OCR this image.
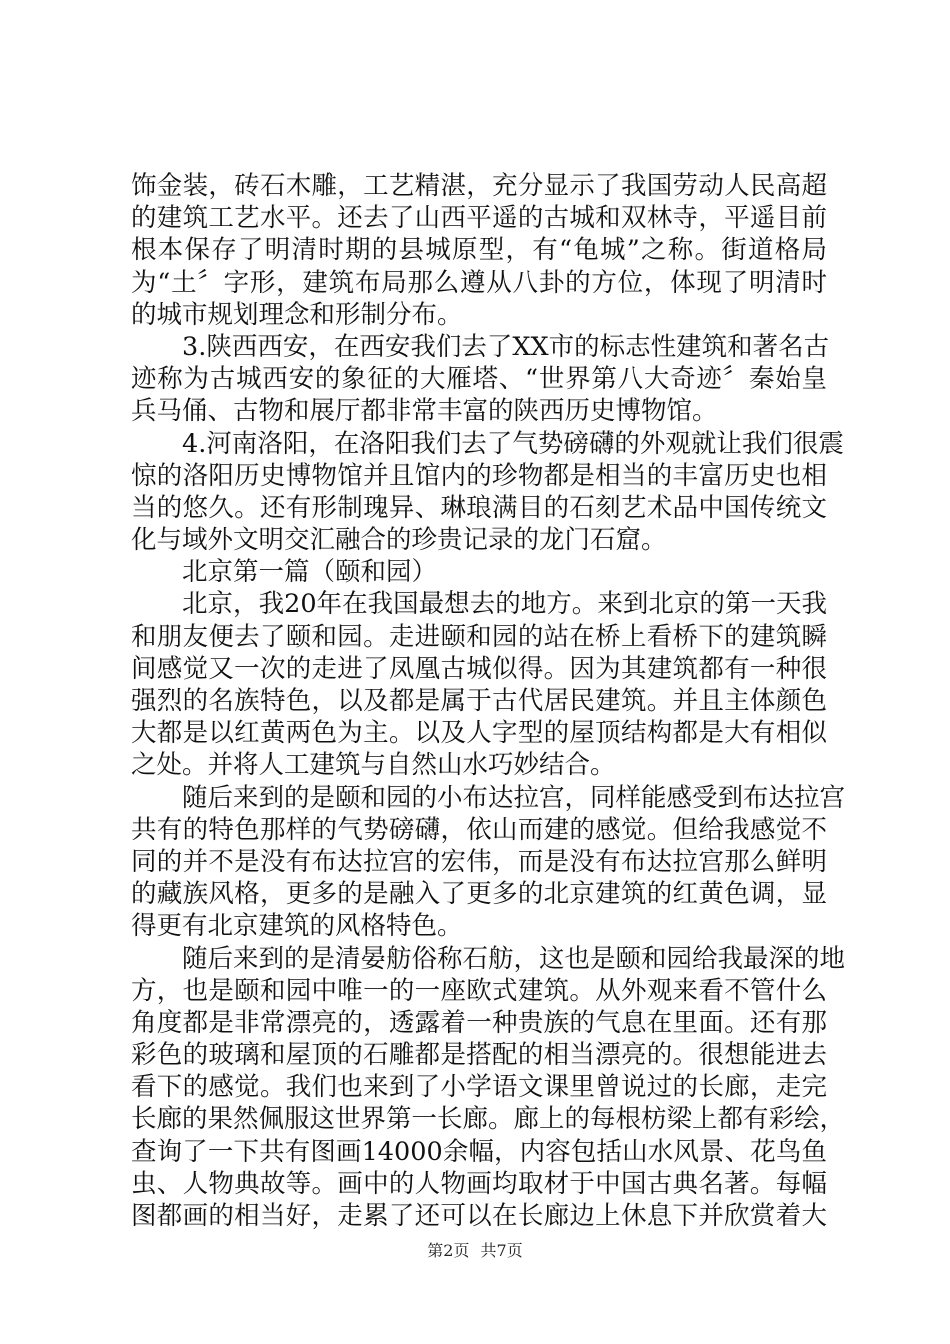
饰金装，砖石木雕，工艺精湛，充分显示了我国劳动人民高超
的建筑工艺水平。还去了山西平遥的古城和双林寺，平遥目前
根本保存了明清时期的县城原型，有“龟城”之称。街道格局
为“土〞字形，建筑布局那么遵从八卦的方位，体现了明清时
的城市规划理念和形制分布。
3.陕西西安，在西安我们去了XX市的标志性建筑和著名古
迹称为古城西安的象征的大雁塔、“世界第八大奇迹〞秦始皇
兵马俑、古物和展厅都非常丰富的陕西历史博物馆。
4.河南洛阳，在洛阳我们去了气势磅礴的外观就让我们很震
惊的洛阳历史博物馆并且馆内的珍物都是相当的丰富历史也相
当的悠久。还有形制瑰异、琳琅满目的石刻艺术品中国传统文
化与域外文明交汇融合的珍贵记录的龙门石窟。
北京第一篇（颐和园）
北京，我20年在我国最想去的地方。来到北京的第一天我
和朋友便去了颐和园。走进颐和园的站在桥上看桥下的建筑瞬
间感觉又一次的走进了凤凰古城似得。因为其建筑都有一种很
强烈的名族特色，以及都是属于古代居民建筑。并且主体颜色
大都是以红黄两色为主。以及人字型的屋顶结构都是大有相似
之处。并将人工建筑与自然山水巧妙结合。
随后来到的是颐和园的小布达拉宫，同样能感受到布达拉宫
共有的特色那样的气势磅礴，依山而建的感觉。但给我感觉不
同的并不是没有布达拉宫的宏伟，而是没有布达拉宫那么鲜明
的藏族风格，更多的是融入了更多的北京建筑的红黄色调，显
得更有北京建筑的风格特色。
随后来到的是清晏舫俗称石舫，这也是颐和园给我最深的地
方，也是颐和园中唯一的一座欧式建筑。从外观来看不管什么
角度都是非常漂亮的，透露着一种贵族的气息在里面。还有那
彩色的玻璃和屋顶的石雕都是搭配的相当漂亮的。很想能进去
看下的感觉。我们也来到了小学语文课里曾说过的长廊，走完
长廊的果然佩服这世界第一长廊。廊上的每根枋梁上都有彩绘，
查询了一下共有图画14000余幅，内容包括山水风景、花鸟鱼
虫、人物典故等。画中的人物画均取材于中国古典名著。每幅
图都画的相当好，走累了还可以在长廊边上休息下并欣赏着大
第2页 共7页
